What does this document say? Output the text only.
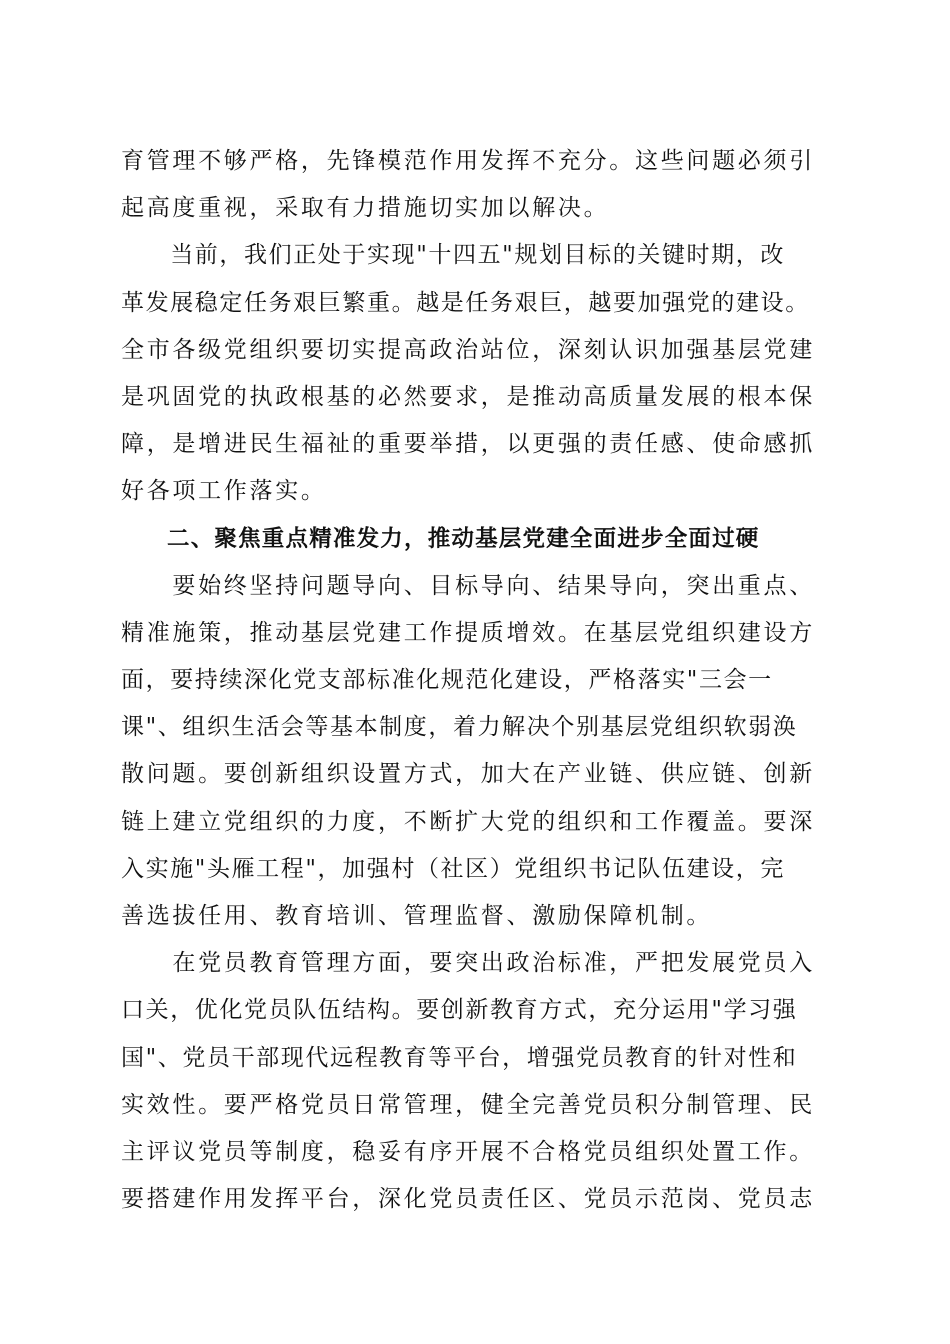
育管理不够严格，先锋模范作用发挥不充分。这些问题必须引
起高度重视，采取有力措施切实加以解决。
　　当前，我们正处于实现"十四五"规划目标的关键时期，改
革发展稳定任务艰巨繁重。越是任务艰巨，越要加强党的建设。
全市各级党组织要切实提高政治站位，深刻认识加强基层党建
是巩固党的执政根基的必然要求，是推动高质量发展的根本保
障，是增进民生福祉的重要举措，以更强的责任感、使命感抓
好各项工作落实。
二、聚焦重点精准发力，推动基层党建全面进步全面过硬
　　要始终坚持问题导向、目标导向、结果导向，突出重点、
精准施策，推动基层党建工作提质增效。在基层党组织建设方
面，要持续深化党支部标准化规范化建设，严格落实"三会一
课"、组织生活会等基本制度，着力解决个别基层党组织软弱涣
散问题。要创新组织设置方式，加大在产业链、供应链、创新
链上建立党组织的力度，不断扩大党的组织和工作覆盖。要深
入实施"头雁工程"，加强村（社区）党组织书记队伍建设，完
善选拔任用、教育培训、管理监督、激励保障机制。
　　在党员教育管理方面，要突出政治标准，严把发展党员入
口关，优化党员队伍结构。要创新教育方式，充分运用"学习强
国"、党员干部现代远程教育等平台，增强党员教育的针对性和
实效性。要严格党员日常管理，健全完善党员积分制管理、民
主评议党员等制度，稳妥有序开展不合格党员组织处置工作。
要搭建作用发挥平台，深化党员责任区、党员示范岗、党员志
